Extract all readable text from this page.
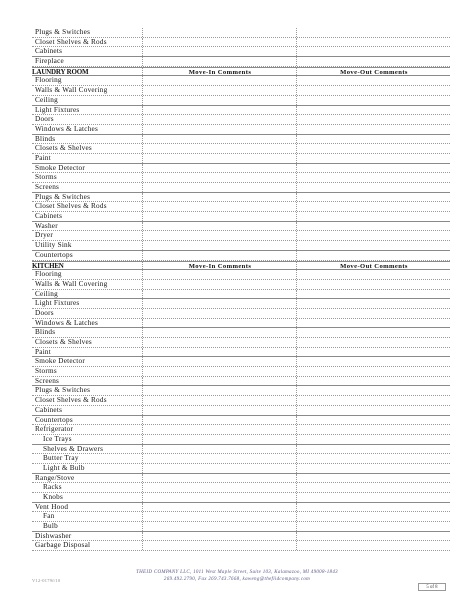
Plugs & Switches
Closet Shelves & Rods
Cabinets
Fireplace
LAUNDRY ROOM	Move-In Comments	Move-Out Comments
Flooring
Walls & Wall Covering
Ceiling
Light Fixtures
Doors
Windows & Latches
Blinds
Closets & Shelves
Paint
Smoke Detector
Storms
Screens
Plugs & Switches
Closet Shelves & Rods
Cabinets
Washer
Dryer
Utility Sink
Countertops
KITCHEN	Move-In Comments	Move-Out Comments
Flooring
Walls & Wall Covering
Ceiling
Light Fixtures
Doors
Windows & Latches
Blinds
Closets & Shelves
Paint
Smoke Detector
Storms
Screens
Plugs & Switches
Closet Shelves & Rods
Cabinets
Countertops
Refrigerator
Ice Trays
Shelves & Drawers
Butter Tray
Light & Bulb
Range/Stove
Racks
Knobs
Vent Hood
Fan
Bulb
Dishwasher
Garbage Disposal
THEID COMPANY LLC, 1011 West Maple Street, Suite 103, Kalamazoo, MI 49008-1843
269.492.2790, Fax 269.743.7668, kaweng@thefiidcompany.com
V12-0179f/10
5 of 8
